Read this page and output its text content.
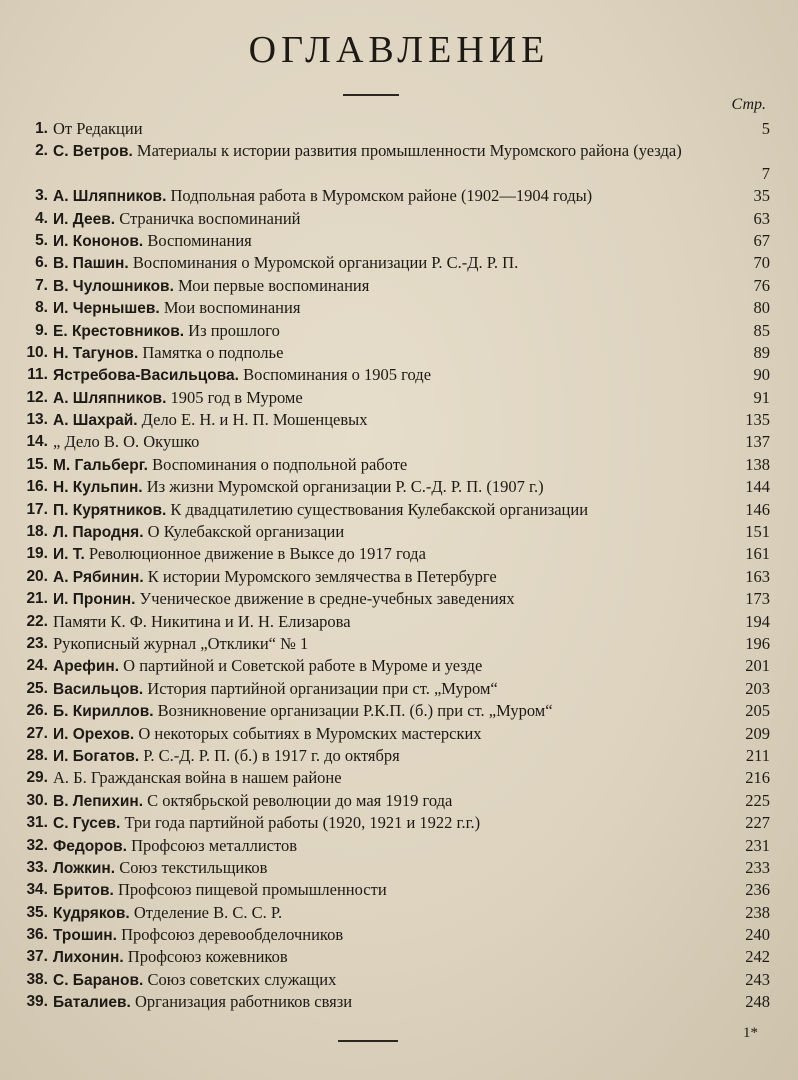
ОГЛАВЛЕНИЕ
Стр.
1. От Редакции	5
2. С. Ветров. Материалы к истории развития промышленности Муромского района (уезда)
7
3. А. Шляпников. Подпольная работа в Муромском районе (1902—1904 годы)	35
4. И. Деев. Страничка воспоминаний	63
5. И. Кононов. Воспоминания	67
6. В. Пашин. Воспоминания о Муромской организации Р. С.-Д. Р. П.	70
7. В. Чулошников. Мои первые воспоминания	76
8. И. Чернышев. Мои воспоминания	80
9. Е. Крестовников. Из прошлого	85
10. Н. Тагунов. Памятка о подполье	89
11. Ястребова-Васильцова. Воспоминания о 1905 годе	90
12. А. Шляпников. 1905 год в Муроме	91
13. А. Шахрай. Дело Е. Н. и Н. П. Мошенцевых	135
14. „ Дело В. О. Окушко	137
15. М. Гальберг. Воспоминания о подпольной работе	138
16. Н. Кульпин. Из жизни Муромской организации Р. С.-Д. Р. П. (1907 г.)	144
17. П. Курятников. К двадцатилетию существования Кулебакской организации	146
18. Л. Пародня. О Кулебакской организации	151
19. И. Т. Революционное движение в Выксе до 1917 года	161
20. А. Рябинин. К истории Муромского землячества в Петербурге	163
21. И. Пронин. Ученическое движение в средне-учебных заведениях	173
22. Памяти К. Ф. Никитина и И. Н. Елизарова	194
23. Рукописный журнал „Отклики“ № 1	196
24. Арефин. О партийной и Советской работе в Муроме и уезде	201
25. Васильцов. История партийной организации при ст. „Муром“	203
26. Б. Кириллов. Возникновение организации Р.К.П. (б.) при ст. „Муром“	205
27. И. Орехов. О некоторых событиях в Муромских мастерских	209
28. И. Богатов. Р. С.-Д. Р. П. (б.) в 1917 г. до октября	211
29. А. Б. Гражданская война в нашем районе	216
30. В. Лепихин. С октябрьской революции до мая 1919 года	225
31. С. Гусев. Три года партийной работы (1920, 1921 и 1922 г.г.)	227
32. Федоров. Профсоюз металлистов	231
33. Ложкин. Союз текстильщиков	233
34. Бритов. Профсоюз пищевой промышленности	236
35. Кудряков. Отделение В. С. С. Р.	238
36. Трошин. Профсоюз деревообделочников	240
37. Лихонин. Профсоюз кожевников	242
38. С. Баранов. Союз советских служащих	243
39. Баталиев. Организация работников связи	248
1*
